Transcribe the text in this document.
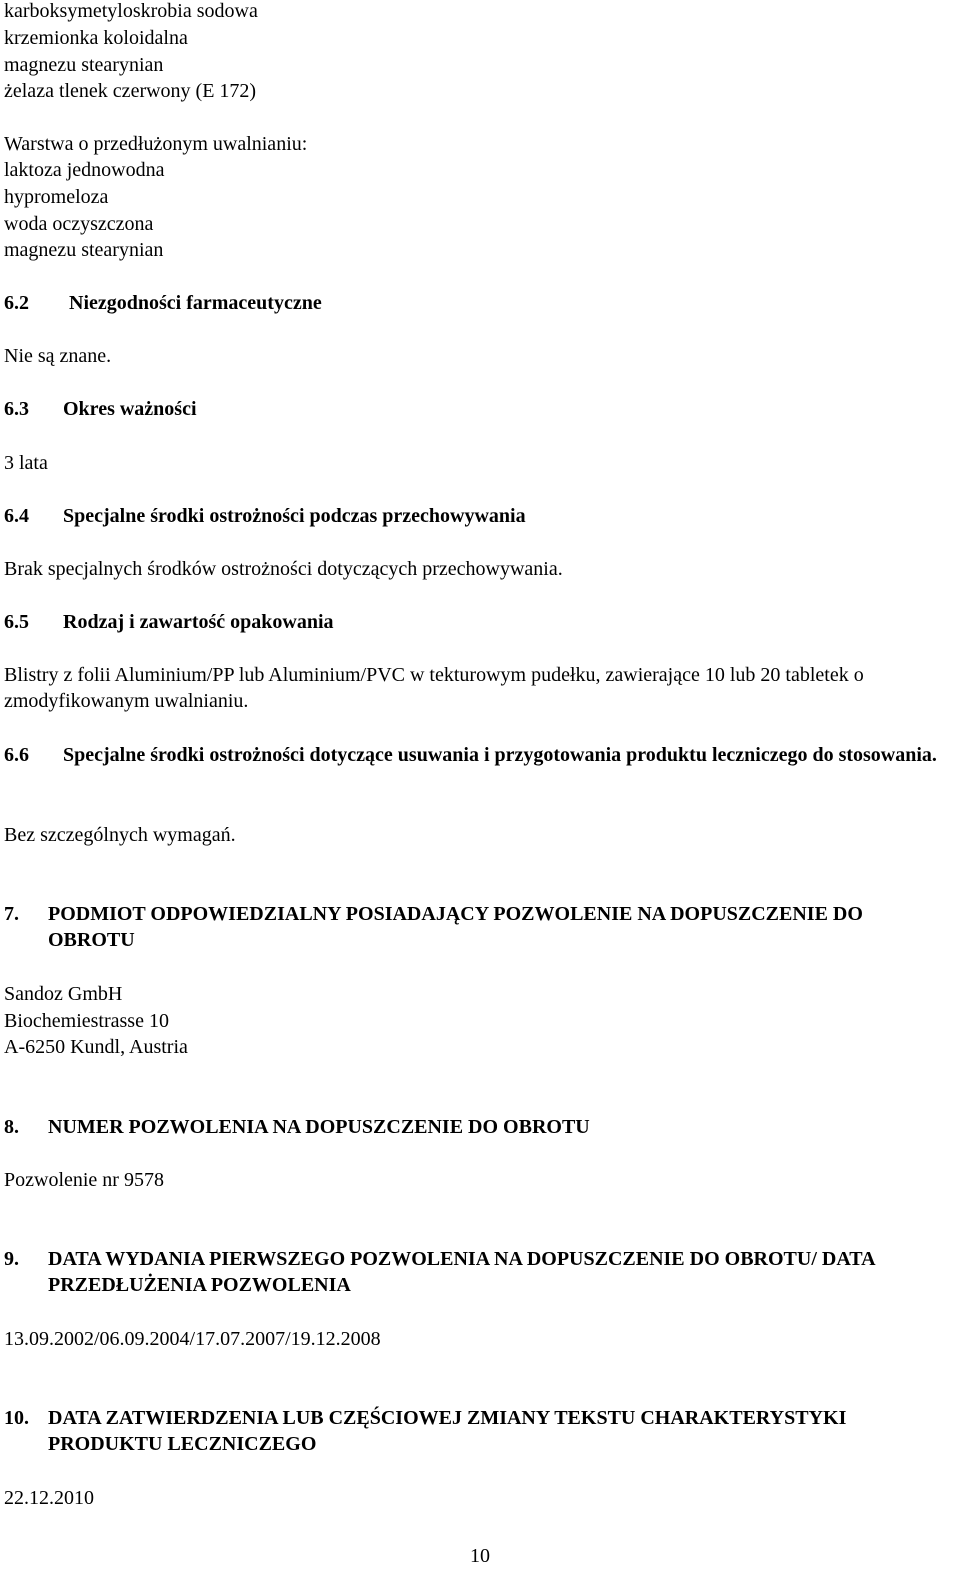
karboksymetyloskrobia sodowa
krzemionka koloidalna
magnezu stearynian
żelaza tlenek czerwony (E 172)
Warstwa o przedłużonym uwalnianiu:
laktoza jednowodna
hypromeloza
woda oczyszczona
magnezu stearynian
6.2 Niezgodności farmaceutyczne
Nie są znane.
6.3 Okres ważności
3 lata
6.4 Specjalne środki ostrożności podczas przechowywania
Brak specjalnych środków ostrożności dotyczących przechowywania.
6.5 Rodzaj i zawartość opakowania
Blistry z folii Aluminium/PP lub Aluminium/PVC w tekturowym pudełku, zawierające 10 lub 20 tabletek o zmodyfikowanym uwalnianiu.
6.6 Specjalne środki ostrożności dotyczące usuwania i przygotowania produktu leczniczego do stosowania.
Bez szczególnych wymagań.
7. PODMIOT ODPOWIEDZIALNY POSIADAJĄCY POZWOLENIE NA DOPUSZCZENIE DO OBROTU
Sandoz GmbH
Biochemiestrasse 10
A-6250 Kundl, Austria
8. NUMER POZWOLENIA NA DOPUSZCZENIE DO OBROTU
Pozwolenie nr 9578
9. DATA WYDANIA PIERWSZEGO POZWOLENIA NA DOPUSZCZENIE DO OBROTU/ DATA PRZEDŁUŻENIA POZWOLENIA
13.09.2002/06.09.2004/17.07.2007/19.12.2008
10. DATA ZATWIERDZENIA LUB CZĘŚCIOWEJ ZMIANY TEKSTU CHARAKTERYSTYKI PRODUKTU LECZNICZEGO
22.12.2010
10
